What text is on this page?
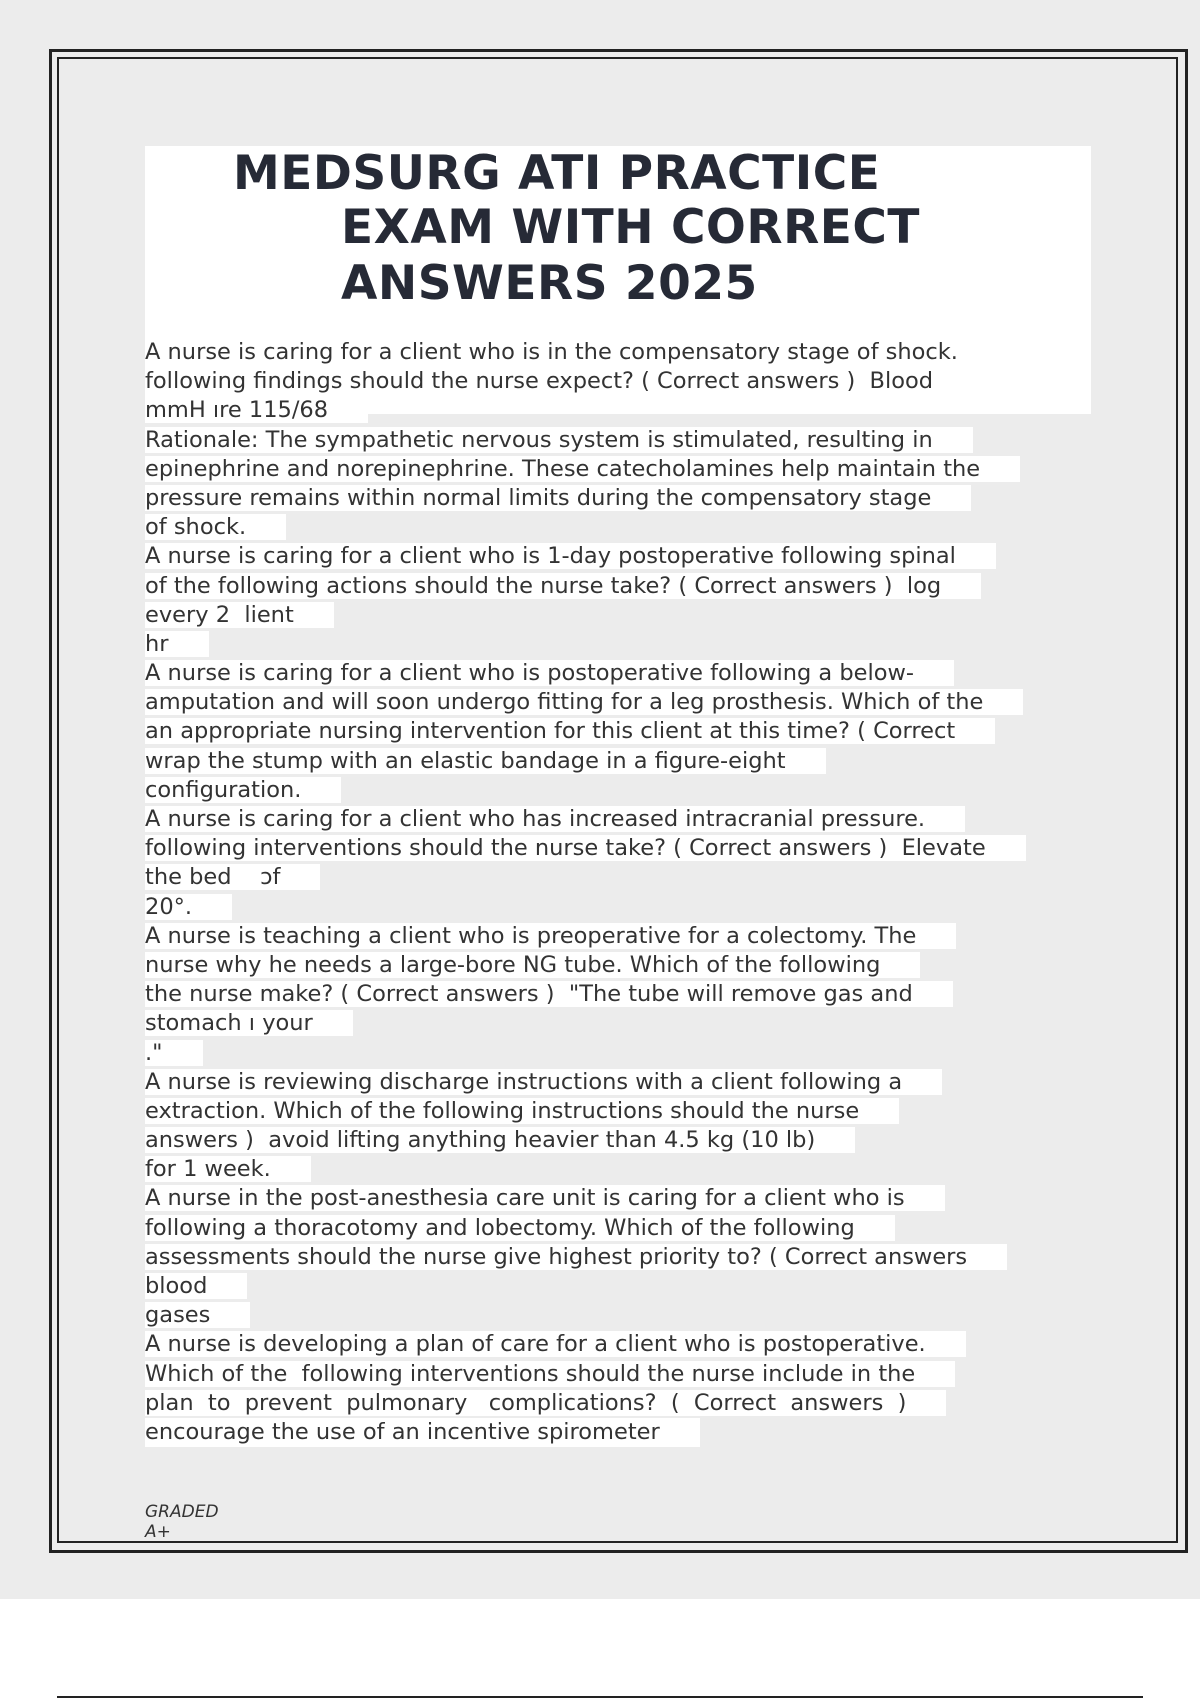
MEDSURG ATI PRACTICE
EXAM WITH CORRECT
ANSWERS 2025
A nurse is caring for a client who is in the compensatory stage of shock.
following findings should the nurse expect? ( Correct answers )  Blood
mmH ıre 115/68
Rationale: The sympathetic nervous system is stimulated, resulting in
epinephrine and norepinephrine. These catecholamines help maintain the
pressure remains within normal limits during the compensatory stage
of shock.
A nurse is caring for a client who is 1-day postoperative following spinal
of the following actions should the nurse take? ( Correct answers )  log
every 2  lient
hr
A nurse is caring for a client who is postoperative following a below-
amputation and will soon undergo fitting for a leg prosthesis. Which of the
an appropriate nursing intervention for this client at this time? ( Correct
wrap the stump with an elastic bandage in a figure-eight
configuration.
A nurse is caring for a client who has increased intracranial pressure.
following interventions should the nurse take? ( Correct answers )  Elevate
the bed    ɔf
20°.
A nurse is teaching a client who is preoperative for a colectomy. The
nurse why he needs a large-bore NG tube. Which of the following
the nurse make? ( Correct answers )  "The tube will remove gas and
stomach ı your
."
A nurse is reviewing discharge instructions with a client following a
extraction. Which of the following instructions should the nurse
answers )  avoid lifting anything heavier than 4.5 kg (10 lb)
for 1 week.
A nurse in the post-anesthesia care unit is caring for a client who is
following a thoracotomy and lobectomy. Which of the following
assessments should the nurse give highest priority to? ( Correct answers
blood
gases
A nurse is developing a plan of care for a client who is postoperative.
Which of the  following interventions should the nurse include in the
plan  to  prevent  pulmonary   complications?  (  Correct  answers  )
encourage the use of an incentive spirometer
GRADED
A+
